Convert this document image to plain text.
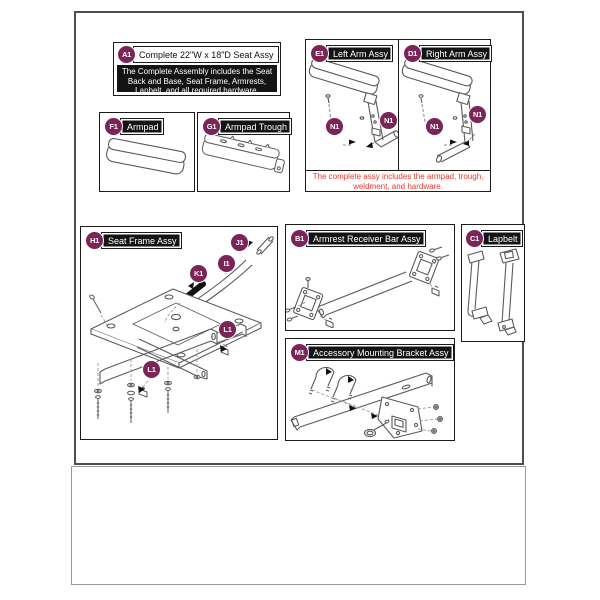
A1 Complete 22"W x 18"D Seat Assy
The Complete Assembly includes the Seat Back and Base, Seat Frame, Armrests, Lapbelt, and all required hardware.
E1	Left Arm Assy
N1
N1
D1	Right Arm Assy
N1
N1
The complete assy includes the armpad, trough, weldment, and hardware.
F1	Armpad	G1 Armpad Trough
H1	Seat Frame Assy	J1
I1
K1
L1
L1
B1	Armrest Receiver Bar Assy	C1	Lapbelt
M1 Accessory Mounting Bracket Assy
